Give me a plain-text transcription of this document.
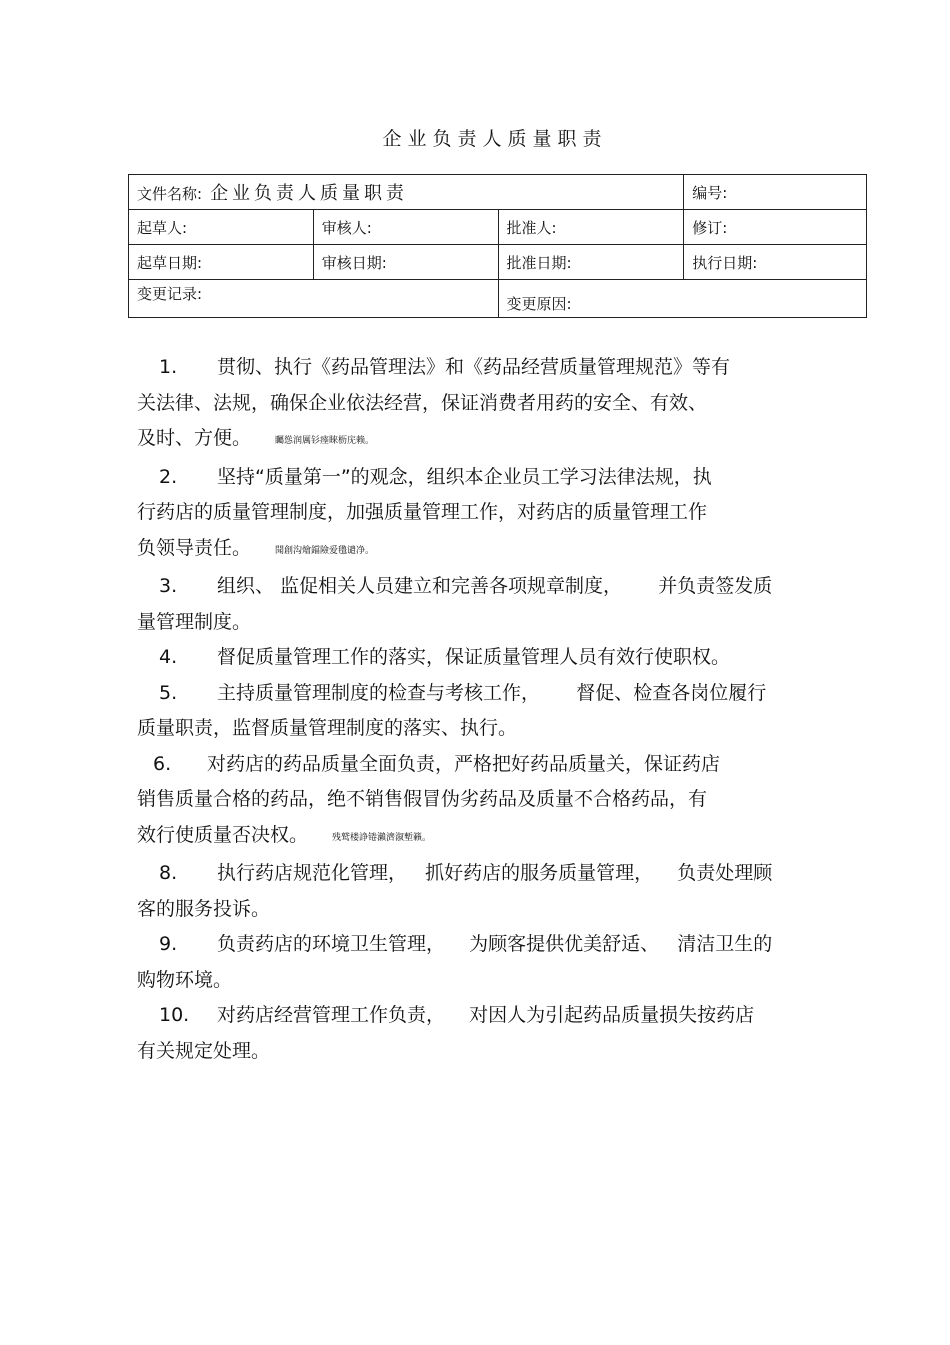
企业负责人质量职责
文件名称: 企业负责人质量职责			编号:
起草人:	审核人:	批准人:	修订:
起草日期:	审核日期:	批准日期:	执行日期:
变更记录:		变更原因:	
1. 贯彻、执行《药品管理法》和《药品经营质量管理规范》等有
关法律、法规，确保企业依法经营，保证消费者用药的安全、有效、
及时、方便。	矚慫润厲钐瘗睞枥庑赖。
2. 坚持“质量第一”的观念，组织本企业员工学习法律法规，执
行药店的质量管理制度，加强质量管理工作，对药店的质量管理工作
负领导责任。	聞創沟燴鐺險爱氇谴净。
3. 组织、 监促相关人员建立和完善各项规章制度，      并负责签发质
量管理制度。
4. 督促质量管理工作的落实，保证质量管理人员有效行使职权。
5. 主持质量管理制度的检查与考核工作，      督促、检查各岗位履行
质量职责，监督质量管理制度的落实、执行。
6. 对药店的药品质量全面负责，严格把好药品质量关，保证药店
销售质量合格的药品，绝不销售假冒伪劣药品及质量不合格药品，有
效行使质量否决权。	残鹫楼諍锩瀨濟溆塹籟。
8. 执行药店规范化管理，   抓好药店的服务质量管理，    负责处理顾
客的服务投诉。
9. 负责药店的环境卫生管理，    为顾客提供优美舒适、   清洁卫生的
购物环境。
10. 对药店经营管理工作负责，    对因人为引起药品质量损失按药店
有关规定处理。
